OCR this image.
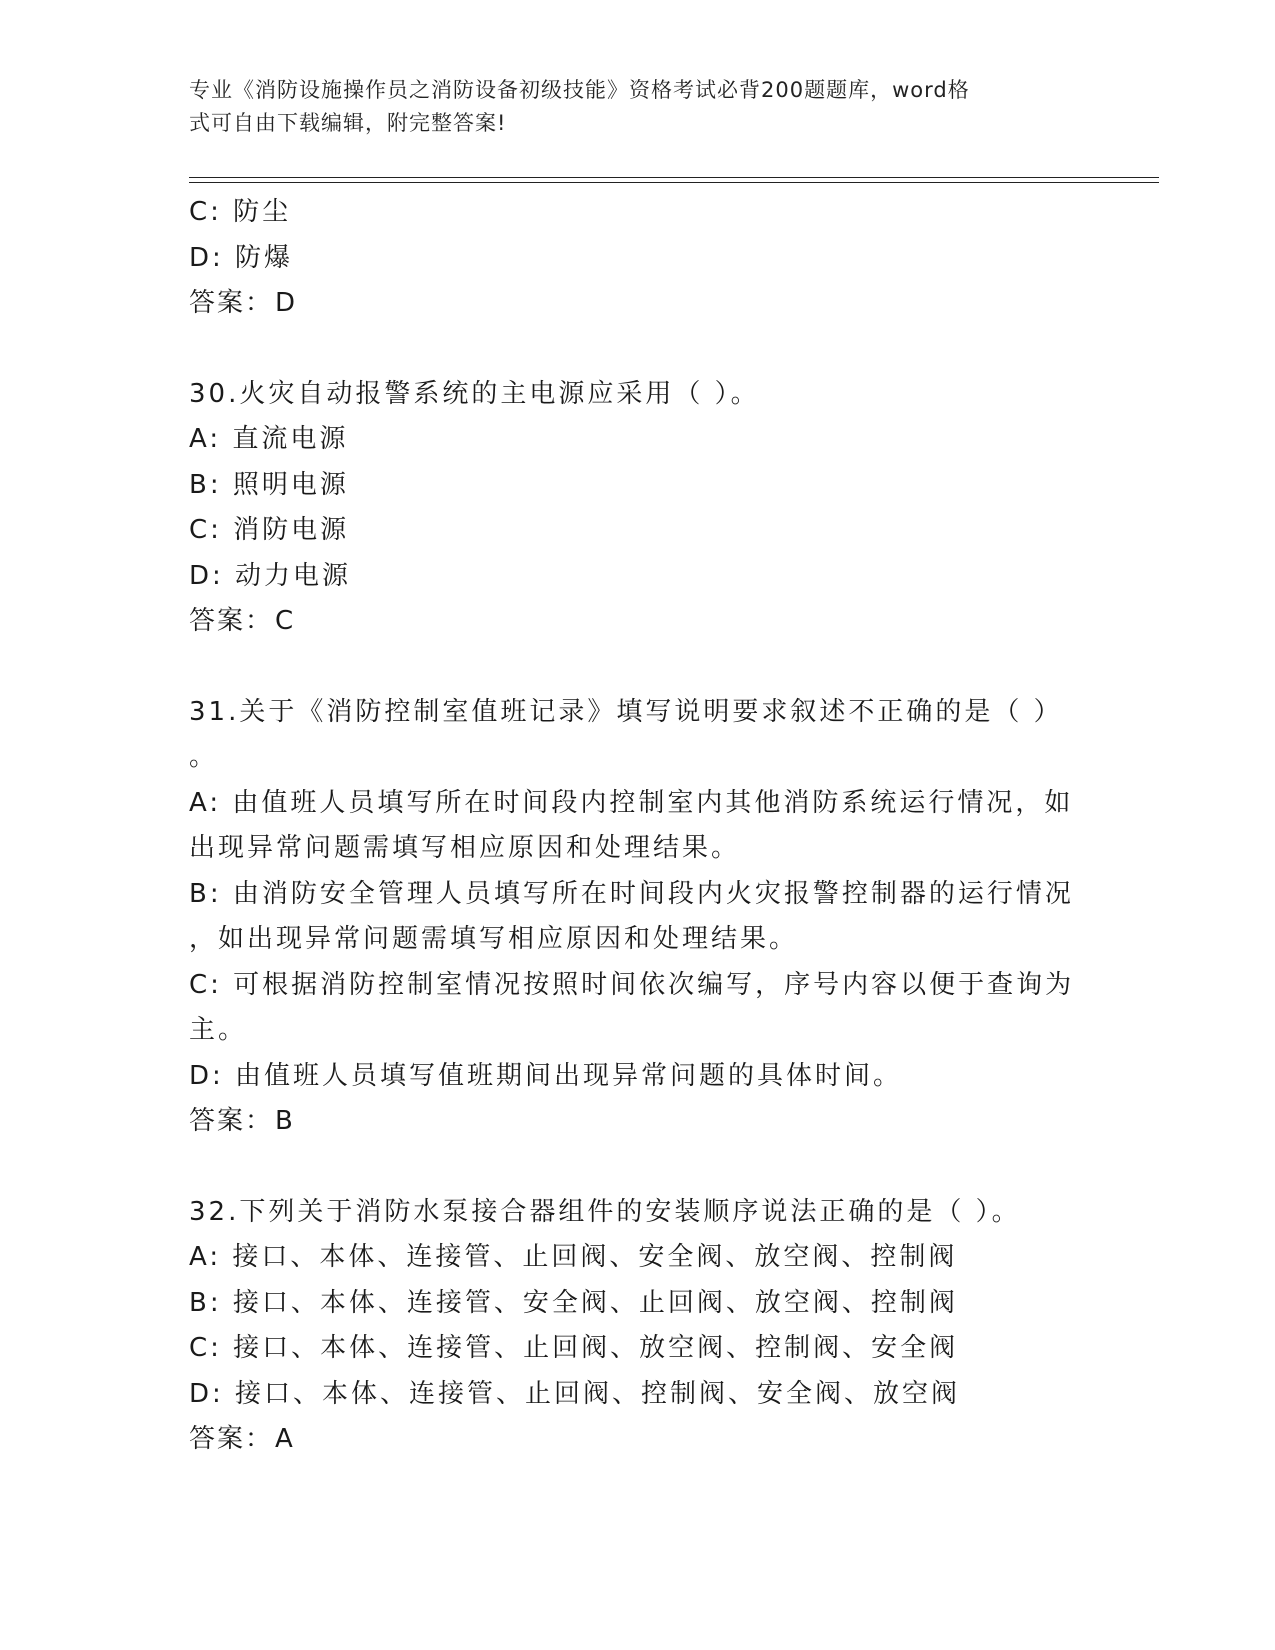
专业《消防设施操作员之消防设备初级技能》资格考试必背200题题库，word格
式可自由下载编辑，附完整答案!
C: 防尘
D: 防爆
答案：D
30.火灾自动报警系统的主电源应采用（ ）。
A: 直流电源
B: 照明电源
C: 消防电源
D: 动力电源
答案：C
31.关于《消防控制室值班记录》填写说明要求叙述不正确的是（ ）
。
A: 由值班人员填写所在时间段内控制室内其他消防系统运行情况，如
出现异常问题需填写相应原因和处理结果。
B: 由消防安全管理人员填写所在时间段内火灾报警控制器的运行情况
，如出现异常问题需填写相应原因和处理结果。
C: 可根据消防控制室情况按照时间依次编写，序号内容以便于查询为
主。
D: 由值班人员填写值班期间出现异常问题的具体时间。
答案：B
32.下列关于消防水泵接合器组件的安装顺序说法正确的是（ ）。
A: 接口、本体、连接管、止回阀、安全阀、放空阀、控制阀
B: 接口、本体、连接管、安全阀、止回阀、放空阀、控制阀
C: 接口、本体、连接管、止回阀、放空阀、控制阀、安全阀
D: 接口、本体、连接管、止回阀、控制阀、安全阀、放空阀
答案：A
